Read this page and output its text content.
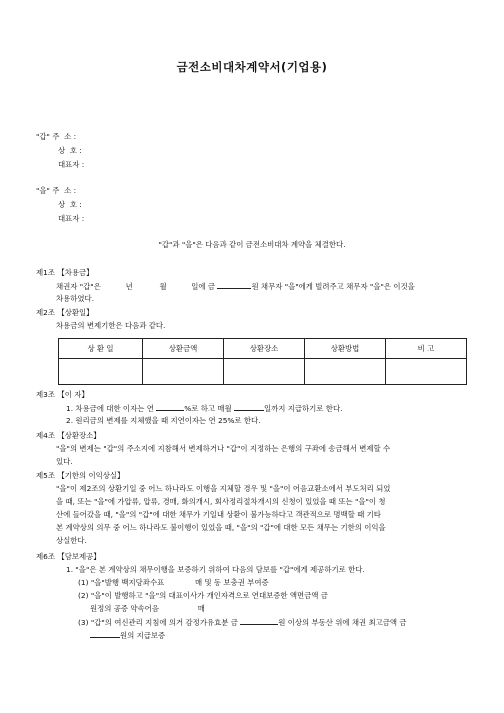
금전소비대차계약서(기업용)
"갑" 주  소 :
상  호 :
대표자 :
"을" 주  소 :
상  호 :
대표자 :
"갑"과 "을"은 다음과 같이 금전소비대차 계약을 체결한다.
제1조 【차용금】
채권자 "갑"은	년	월	일에 금	원 채무자 "을"에게 빌려주고 채무자 "을"은 이것을
차용하였다.
제2조 【상환일】
차용금의 변제기한은 다음과 같다.
상 환 일	상환금액	상환장소	상환방법	비 고

제3조 【이 자】
1. 차용금에 대한 이자는 연	%로 하고 매월	일까지 지급하기로 한다.
2. 원리금의 변제를 지체했을 때 지연이자는 연 25%로 한다.
제4조 【상환장소】
"을"의 변제는 "갑"의 주소지에 지참해서 변제하거나 "갑"이 지정하는 은행의 구좌에 송금해서 변제할 수
있다.
제5조 【기한의 이익상실】
"을"이 제2조의 상환기일 중 어느 하나라도 이행을 지체할 경우 및 "을"이 어음교환소에서 부도처리 되었
을 때, 또는 "을"에 가압류, 압류, 경매, 화의개시, 회사정리절차개시의 신청이 있었을 때 또는 "을"이 청
산에 들어갔을 때, "을"의 "갑"에 대한 채무가 기일내 상환이 불가능하다고 객관적으로 명백할 때 기타
본 계약상의 의무 중 어느 하나라도 불이행이 있었을 때, "을"의 "갑"에 대한 모든 채무는 기한의 이익을
상실한다.
제6조 【담보제공】
1. "을"은 본 계약상의 채무이행을 보증하기 위하여 다음의 담보를 "갑"에게 제공하기로 한다.
(1) "을"발행 백지당좌수표	매 및 동 보충권 부여증
(2) "을"이 발행하고 "을"의 대표이사가 개인자격으로 연대보증한 액면금액 금
원정의 공증 약속어음	매
(3) "갑"의 여신관리 지침에 의거 감정가유효분 금	원 이상의 부동산 위에 채권 최고금액 금
원의 지급보증
